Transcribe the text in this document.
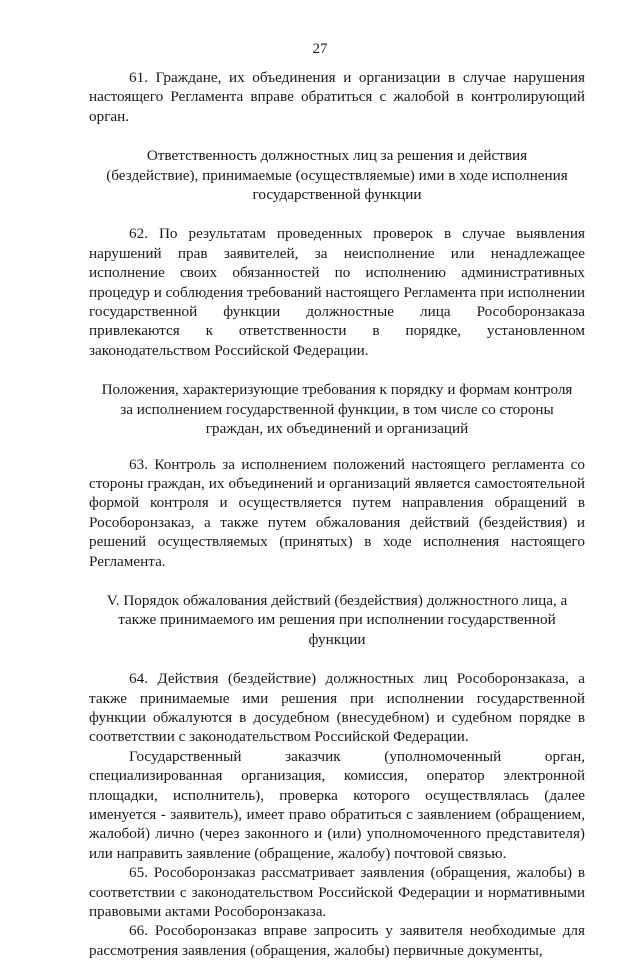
27

61. Граждане, их объединения и организации в случае нарушения настоящего Регламента вправе обратиться с жалобой в контролирующий орган.

Ответственность должностных лиц за решения и действия (бездействие), принимаемые (осуществляемые) ими в ходе исполнения государственной функции

62. По результатам проведенных проверок в случае выявления нарушений прав заявителей, за неисполнение или ненадлежащее исполнение своих обязанностей по исполнению административных процедур и соблюдения требований настоящего Регламента при исполнении государственной функции должностные лица Рособоронзаказа привлекаются к ответственности в порядке, установленном законодательством Российской Федерации.

Положения, характеризующие требования к порядку и формам контроля за исполнением государственной функции, в том числе со стороны граждан, их объединений и организаций

63. Контроль за исполнением положений настоящего регламента со стороны граждан, их объединений и организаций является самостоятельной формой контроля и осуществляется путем направления обращений в Рособоронзаказ, а также путем обжалования действий (бездействия) и решений осуществляемых (принятых) в ходе исполнения настоящего Регламента.

V. Порядок обжалования действий (бездействия) должностного лица, а также принимаемого им решения при исполнении государственной функции

64. Действия (бездействие) должностных лиц Рособоронзаказа, а также принимаемые ими решения при исполнении государственной функции обжалуются в досудебном (внесудебном) и судебном порядке в соответствии с законодательством Российской Федерации.

Государственный заказчик (уполномоченный орган, специализированная организация, комиссия, оператор электронной площадки, исполнитель), проверка которого осуществлялась (далее именуется - заявитель), имеет право обратиться с заявлением (обращением, жалобой) лично (через законного и (или) уполномоченного представителя) или направить заявление (обращение, жалобу) почтовой связью.

65. Рособоронзаказ рассматривает заявления (обращения, жалобы) в соответствии с законодательством Российской Федерации и нормативными правовыми актами Рособоронзаказа.

66. Рособоронзаказ вправе запросить у заявителя необходимые для рассмотрения заявления (обращения, жалобы) первичные документы,
